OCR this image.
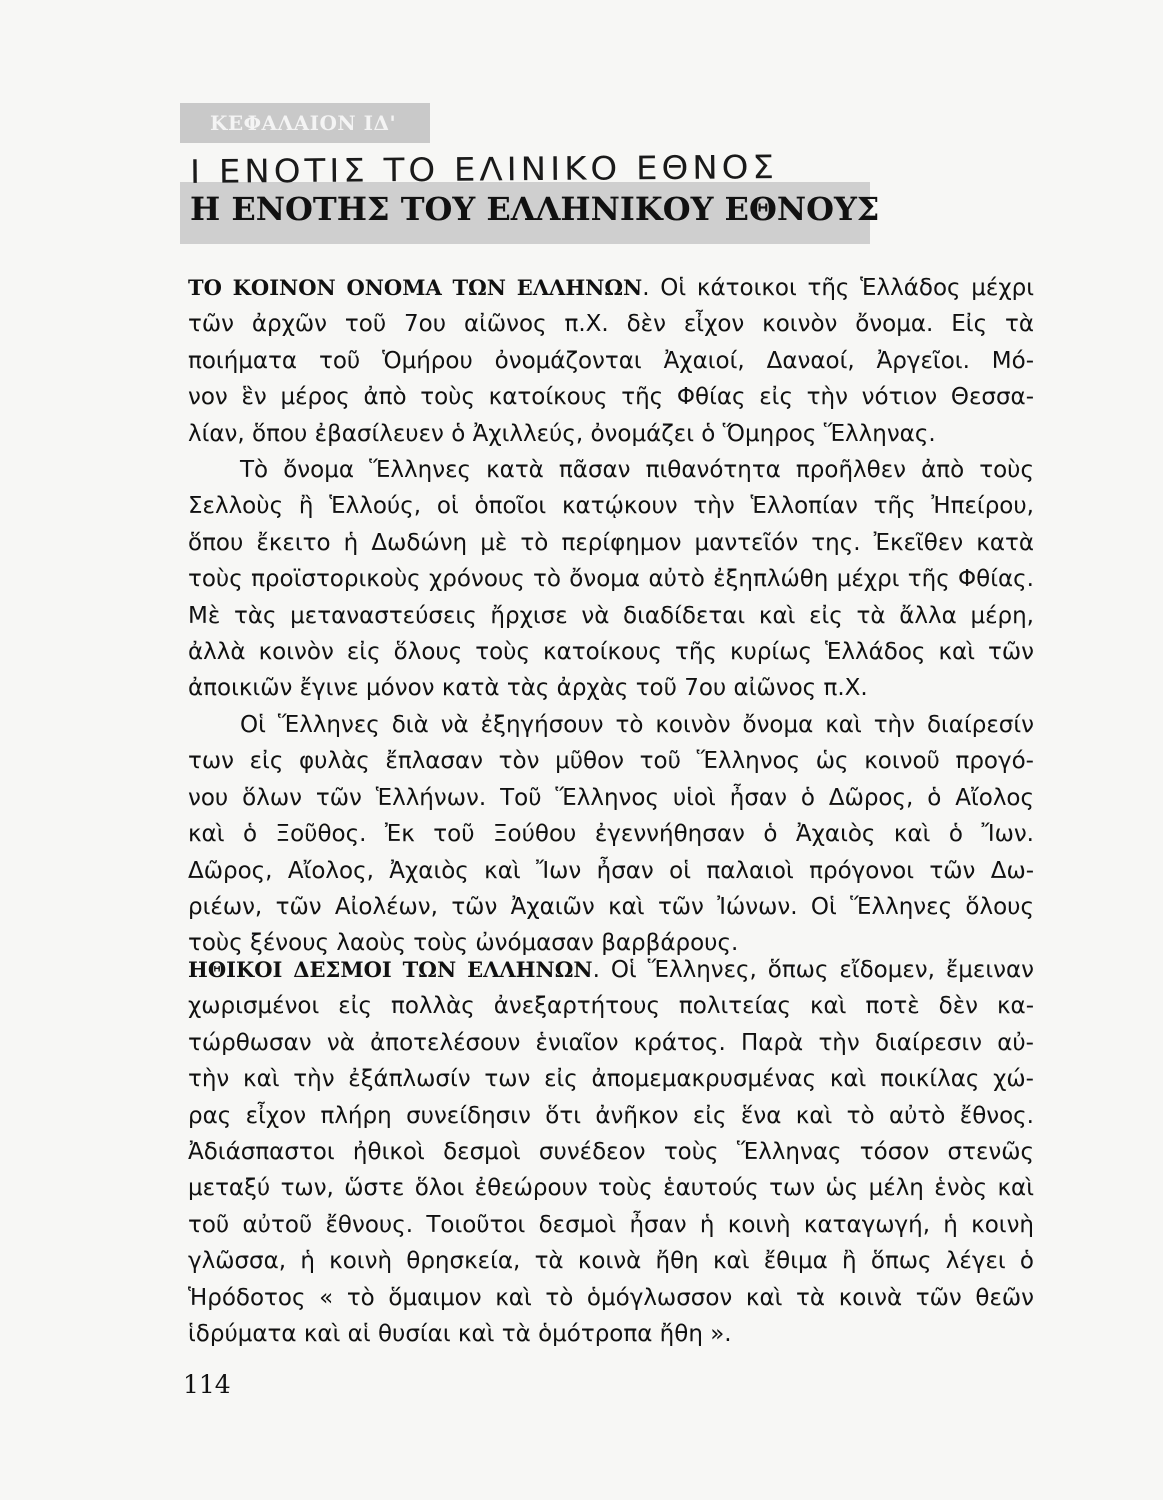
ΚΕΦΑΛΑΙΟΝ ΙΔ'
Ι ΕΝΟΤΙΣ ΤΟ ΕΛΙΝΙΚΟ ΕΘΝΟΣ
Η ΕΝΟΤΗΣ ΤΟΥ ΕΛΛΗΝΙΚΟΥ ΕΘΝΟΥΣ
ΤΟ ΚΟΙΝΟΝ ΟΝΟΜΑ ΤΩΝ ΕΛΛΗΝΩΝ. Οἱ κάτοικοι τῆς Ἑλλάδος μέχρι
τῶν ἀρχῶν τοῦ 7ου αἰῶνος π.Χ. δὲν εἶχον κοινὸν ὄνομα. Εἰς τὰ
ποιήματα τοῦ Ὁμήρου ὀνομάζονται Ἀχαιοί, Δαναοί, Ἀργεῖοι. Μό-
νον ἓν μέρος ἀπὸ τοὺς κατοίκους τῆς Φθίας εἰς τὴν νότιον Θεσσα-
λίαν, ὅπου ἐβασίλευεν ὁ Ἀχιλλεύς, ὀνομάζει ὁ Ὅμηρος Ἕλληνας.
Τὸ ὄνομα Ἕλληνες κατὰ πᾶσαν πιθανότητα προῆλθεν ἀπὸ τοὺς
Σελλοὺς ἢ Ἑλλούς, οἱ ὁποῖοι κατῴκουν τὴν Ἑλλοπίαν τῆς Ἠπείρου,
ὅπου ἔκειτο ἡ Δωδώνη μὲ τὸ περίφημον μαντεῖόν της. Ἐκεῖθεν κατὰ
τοὺς προϊστορικοὺς χρόνους τὸ ὄνομα αὐτὸ ἐξηπλώθη μέχρι τῆς Φθίας.
Μὲ τὰς μεταναστεύσεις ἤρχισε νὰ διαδίδεται καὶ εἰς τὰ ἄλλα μέρη,
ἀλλὰ κοινὸν εἰς ὅλους τοὺς κατοίκους τῆς κυρίως Ἑλλάδος καὶ τῶν
ἀποικιῶν ἔγινε μόνον κατὰ τὰς ἀρχὰς τοῦ 7ου αἰῶνος π.Χ.
Οἱ Ἕλληνες διὰ νὰ ἐξηγήσουν τὸ κοινὸν ὄνομα καὶ τὴν διαίρεσίν
των εἰς φυλὰς ἔπλασαν τὸν μῦθον τοῦ Ἕλληνος ὡς κοινοῦ προγό-
νου ὅλων τῶν Ἑλλήνων. Τοῦ Ἕλληνος υἱοὶ ἦσαν ὁ Δῶρος, ὁ Αἴολος
καὶ ὁ Ξοῦθος. Ἐκ τοῦ Ξούθου ἐγεννήθησαν ὁ Ἀχαιὸς καὶ ὁ Ἴων.
Δῶρος, Αἴολος, Ἀχαιὸς καὶ Ἴων ἦσαν οἱ παλαιοὶ πρόγονοι τῶν Δω-
ριέων, τῶν Αἰολέων, τῶν Ἀχαιῶν καὶ τῶν Ἰώνων. Οἱ Ἕλληνες ὅλους
τοὺς ξένους λαοὺς τοὺς ὠνόμασαν βαρβάρους.
ΗΘΙΚΟΙ ΔΕΣΜΟΙ ΤΩΝ ΕΛΛΗΝΩΝ. Οἱ Ἕλληνες, ὅπως εἴδομεν, ἔμειναν
χωρισμένοι εἰς πολλὰς ἀνεξαρτήτους πολιτείας καὶ ποτὲ δὲν κα-
τώρθωσαν νὰ ἀποτελέσουν ἑνιαῖον κράτος. Παρὰ τὴν διαίρεσιν αὐ-
τὴν καὶ τὴν ἐξάπλωσίν των εἰς ἀπομεμακρυσμένας καὶ ποικίλας χώ-
ρας εἶχον πλήρη συνείδησιν ὅτι ἀνῆκον εἰς ἕνα καὶ τὸ αὐτὸ ἔθνος.
Ἀδιάσπαστοι ἠθικοὶ δεσμοὶ συνέδεον τοὺς Ἕλληνας τόσον στενῶς
μεταξύ των, ὥστε ὅλοι ἐθεώρουν τοὺς ἑαυτούς των ὡς μέλη ἑνὸς καὶ
τοῦ αὐτοῦ ἔθνους. Τοιοῦτοι δεσμοὶ ἦσαν ἡ κοινὴ καταγωγή, ἡ κοινὴ
γλῶσσα, ἡ κοινὴ θρησκεία, τὰ κοινὰ ἤθη καὶ ἔθιμα ἢ ὅπως λέγει ὁ
Ἡρόδοτος « τὸ ὅμαιμον καὶ τὸ ὁμόγλωσσον καὶ τὰ κοινὰ τῶν θεῶν
ἱδρύματα καὶ αἱ θυσίαι καὶ τὰ ὁμότροπα ἤθη ».
114
